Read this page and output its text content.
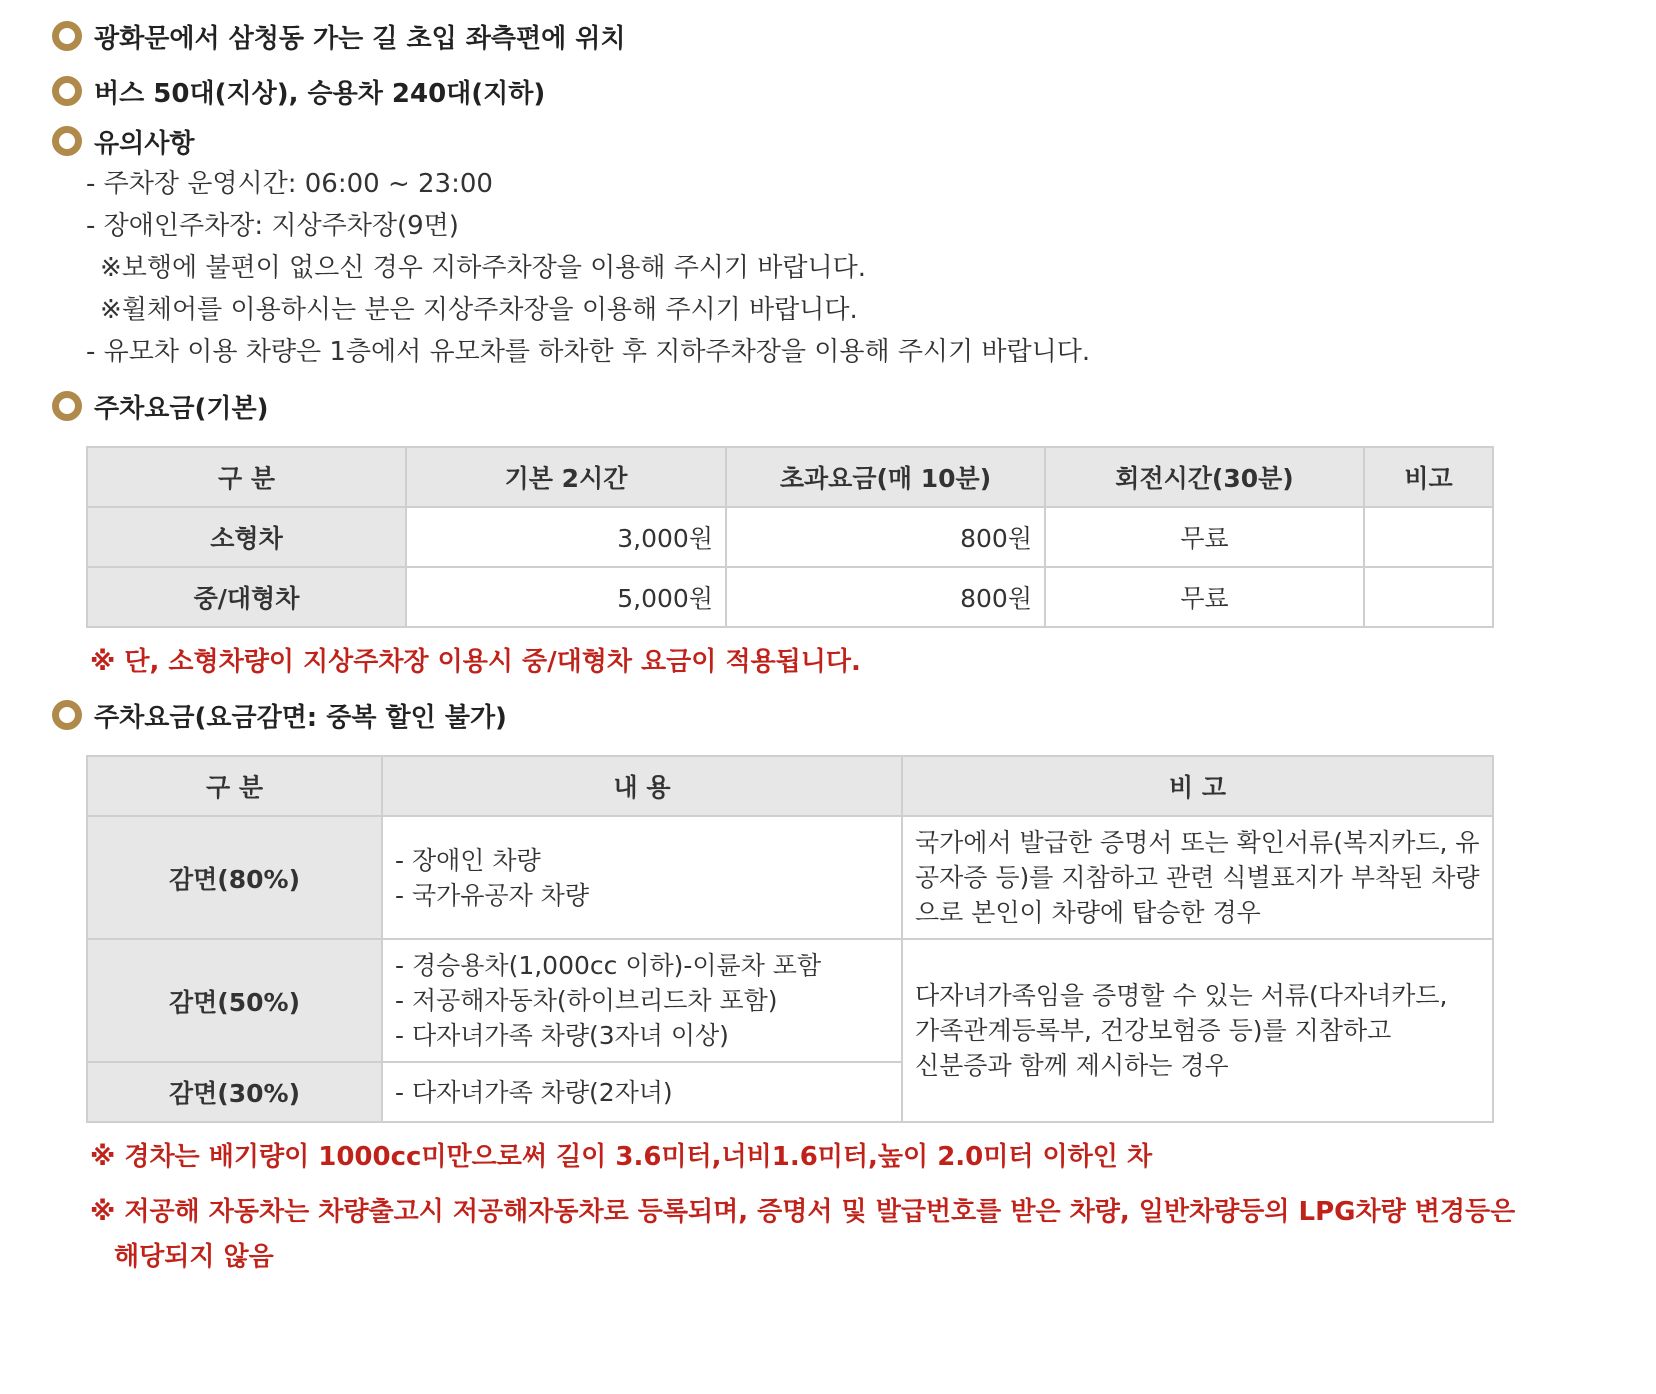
광화문에서 삼청동 가는 길 초입 좌측편에 위치
버스 50대(지상), 승용차 240대(지하)
유의사항
- 주차장 운영시간: 06:00 ~ 23:00
- 장애인주차장: 지상주차장(9면)
※보행에 불편이 없으신 경우 지하주차장을 이용해 주시기 바랍니다.
※휠체어를 이용하시는 분은 지상주차장을 이용해 주시기 바랍니다.
- 유모차 이용 차량은 1층에서 유모차를 하차한 후 지하주차장을 이용해 주시기 바랍니다.
주차요금(기본)
구 분	기본 2시간	초과요금(매 10분)	회전시간(30분)	비고
소형차	3,000원	800원	무료	
중/대형차	5,000원	800원	무료	
※ 단, 소형차량이 지상주차장 이용시 중/대형차 요금이 적용됩니다.
주차요금(요금감면: 중복 할인 불가)
구 분	내 용	비 고
감면(80%)	- 장애인 차량
- 국가유공자 차량	국가에서 발급한 증명서 또는 확인서류(복지카드, 유
공자증 등)를 지참하고 관련 식별표지가 부착된 차량
으로 본인이 차량에 탑승한 경우

감면(50%)	- 경승용차(1,000cc 이하)-이륜차 포함
- 저공해자동차(하이브리드차 포함)
- 다자녀가족 차량(3자녀 이상)	다자녀가족임을 증명할 수 있는 서류(다자녀카드,
가족관계등록부, 건강보험증 등)를 지참하고
신분증과 함께 제시하는 경우

감면(30%)	- 다자녀가족 차량(2자녀)	
※ 경차는 배기량이 1000cc미만으로써 길이 3.6미터,너비1.6미터,높이 2.0미터 이하인 차
※ 저공해 자동차는 차량출고시 저공해자동차로 등록되며, 증명서 및 발급번호를 받은 차량, 일반차량등의 LPG차량 변경등은 해당되지 않음
